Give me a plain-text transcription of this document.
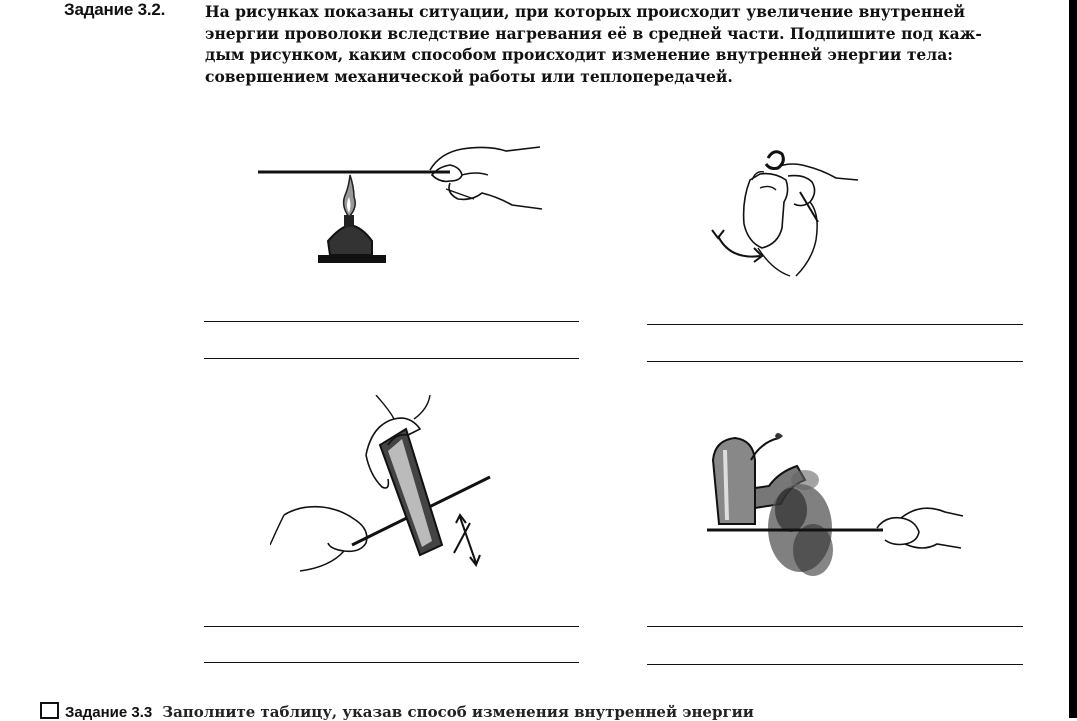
Задание 3.2.	На рисунках показаны ситуации, при которых происходит увеличение внутренней
энергии проволоки вследствие нагревания её в средней части. Подпишите под каж-
дым рисунком, каким способом происходит изменение внутренней энергии тела:
совершением механической работы или теплопередачей.
Задание 3.3 Заполните таблицу, указав способ изменения внутренней энергии
